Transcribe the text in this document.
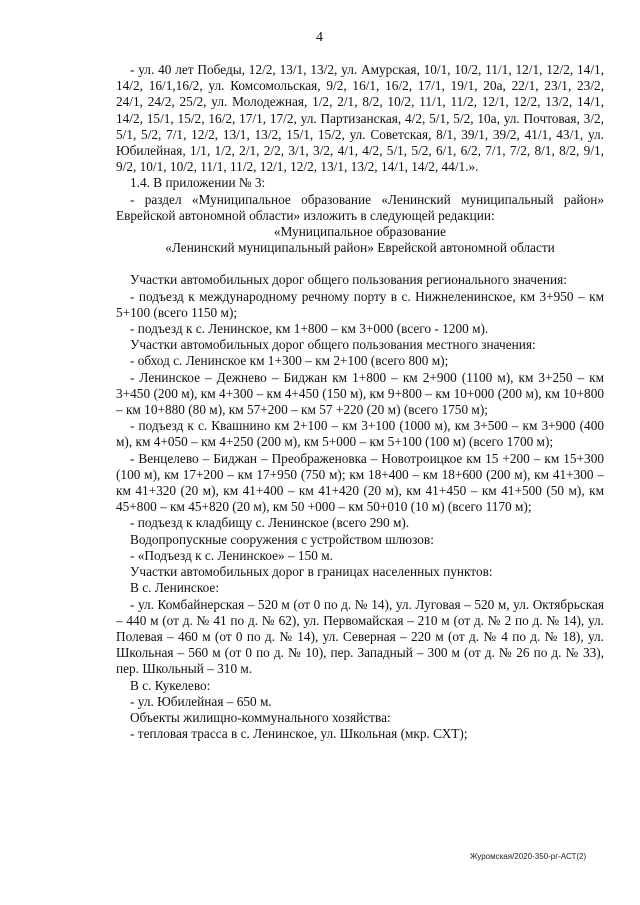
4

- ул. 40 лет Победы, 12/2, 13/1, 13/2, ул. Амурская, 10/1, 10/2, 11/1, 12/1, 12/2, 14/1, 14/2, 16/1,16/2, ул. Комсомольская, 9/2, 16/1, 16/2, 17/1, 19/1, 20а, 22/1, 23/1, 23/2, 24/1, 24/2, 25/2, ул. Молодежная, 1/2, 2/1, 8/2, 10/2, 11/1, 11/2, 12/1, 12/2, 13/2, 14/1, 14/2, 15/1, 15/2, 16/2, 17/1, 17/2, ул. Партизанская, 4/2, 5/1, 5/2, 10а, ул. Почтовая, 3/2, 5/1, 5/2, 7/1, 12/2, 13/1, 13/2, 15/1, 15/2, ул. Советская, 8/1, 39/1, 39/2, 41/1, 43/1, ул. Юбилейная, 1/1, 1/2, 2/1, 2/2, 3/1, 3/2, 4/1, 4/2, 5/1, 5/2, 6/1, 6/2, 7/1, 7/2, 8/1, 8/2, 9/1, 9/2, 10/1, 10/2, 11/1, 11/2, 12/1, 12/2, 13/1, 13/2, 14/1, 14/2, 44/1.».

1.4. В приложении № 3:

- раздел «Муниципальное образование «Ленинский муниципальный район» Еврейской автономной области» изложить в следующей редакции:

«Муниципальное образование

«Ленинский муниципальный район» Еврейской автономной области

Участки автомобильных дорог общего пользования регионального значения:

- подъезд к международному речному порту в с. Нижнеленинское, км 3+950 – км 5+100 (всего 1150 м);

- подъезд к с. Ленинское, км 1+800 – км 3+000 (всего - 1200 м).

Участки автомобильных дорог общего пользования местного значения:

- обход с. Ленинское км 1+300 – км 2+100 (всего 800 м);

- Ленинское – Дежнево – Биджан км 1+800 – км 2+900 (1100 м), км 3+250 – км 3+450 (200 м), км 4+300 – км 4+450 (150 м), км 9+800 – км 10+000 (200 м), км 10+800 – км 10+880 (80 м), км 57+200 – км 57 +220 (20 м) (всего 1750 м);

- подъезд к с. Квашнино км 2+100 – км 3+100 (1000 м), км 3+500 – км 3+900 (400 м), км 4+050 – км 4+250 (200 м), км 5+000 – км 5+100 (100 м) (всего 1700 м);

- Венцелево – Биджан – Преображеновка – Новотроицкое км 15 +200 – км 15+300 (100 м), км 17+200 – км 17+950 (750 м); км 18+400 – км 18+600 (200 м), км 41+300 – км 41+320 (20 м), км 41+400 – км 41+420 (20 м), км 41+450 – км 41+500 (50 м), км 45+800 – км 45+820 (20 м), км 50 +000 – км 50+010 (10 м) (всего 1170 м);

- подъезд к кладбищу с. Ленинское (всего 290 м).

Водопропускные сооружения с устройством шлюзов:

- «Подъезд к с. Ленинское» – 150 м.

Участки автомобильных дорог в границах населенных пунктов:

В с. Ленинское:

- ул. Комбайнерская – 520 м (от 0 по д. № 14), ул. Луговая – 520 м, ул. Октябрьская – 440 м (от д. № 41 по д. № 62), ул. Первомайская – 210 м (от д. № 2 по д. № 14), ул. Полевая – 460 м (от 0 по д. № 14), ул. Северная – 220 м (от д. № 4 по д. № 18), ул. Школьная – 560 м (от 0 по д. № 10), пер. Западный – 300 м (от д. № 26 по д. № 33), пер. Школьный – 310 м.

В с. Кукелево:

- ул. Юбилейная – 650 м.

Объекты жилищно-коммунального хозяйства:

- тепловая трасса в с. Ленинское, ул. Школьная (мкр. СХТ);

Журомская/2020-350-рг-АСТ(2)
